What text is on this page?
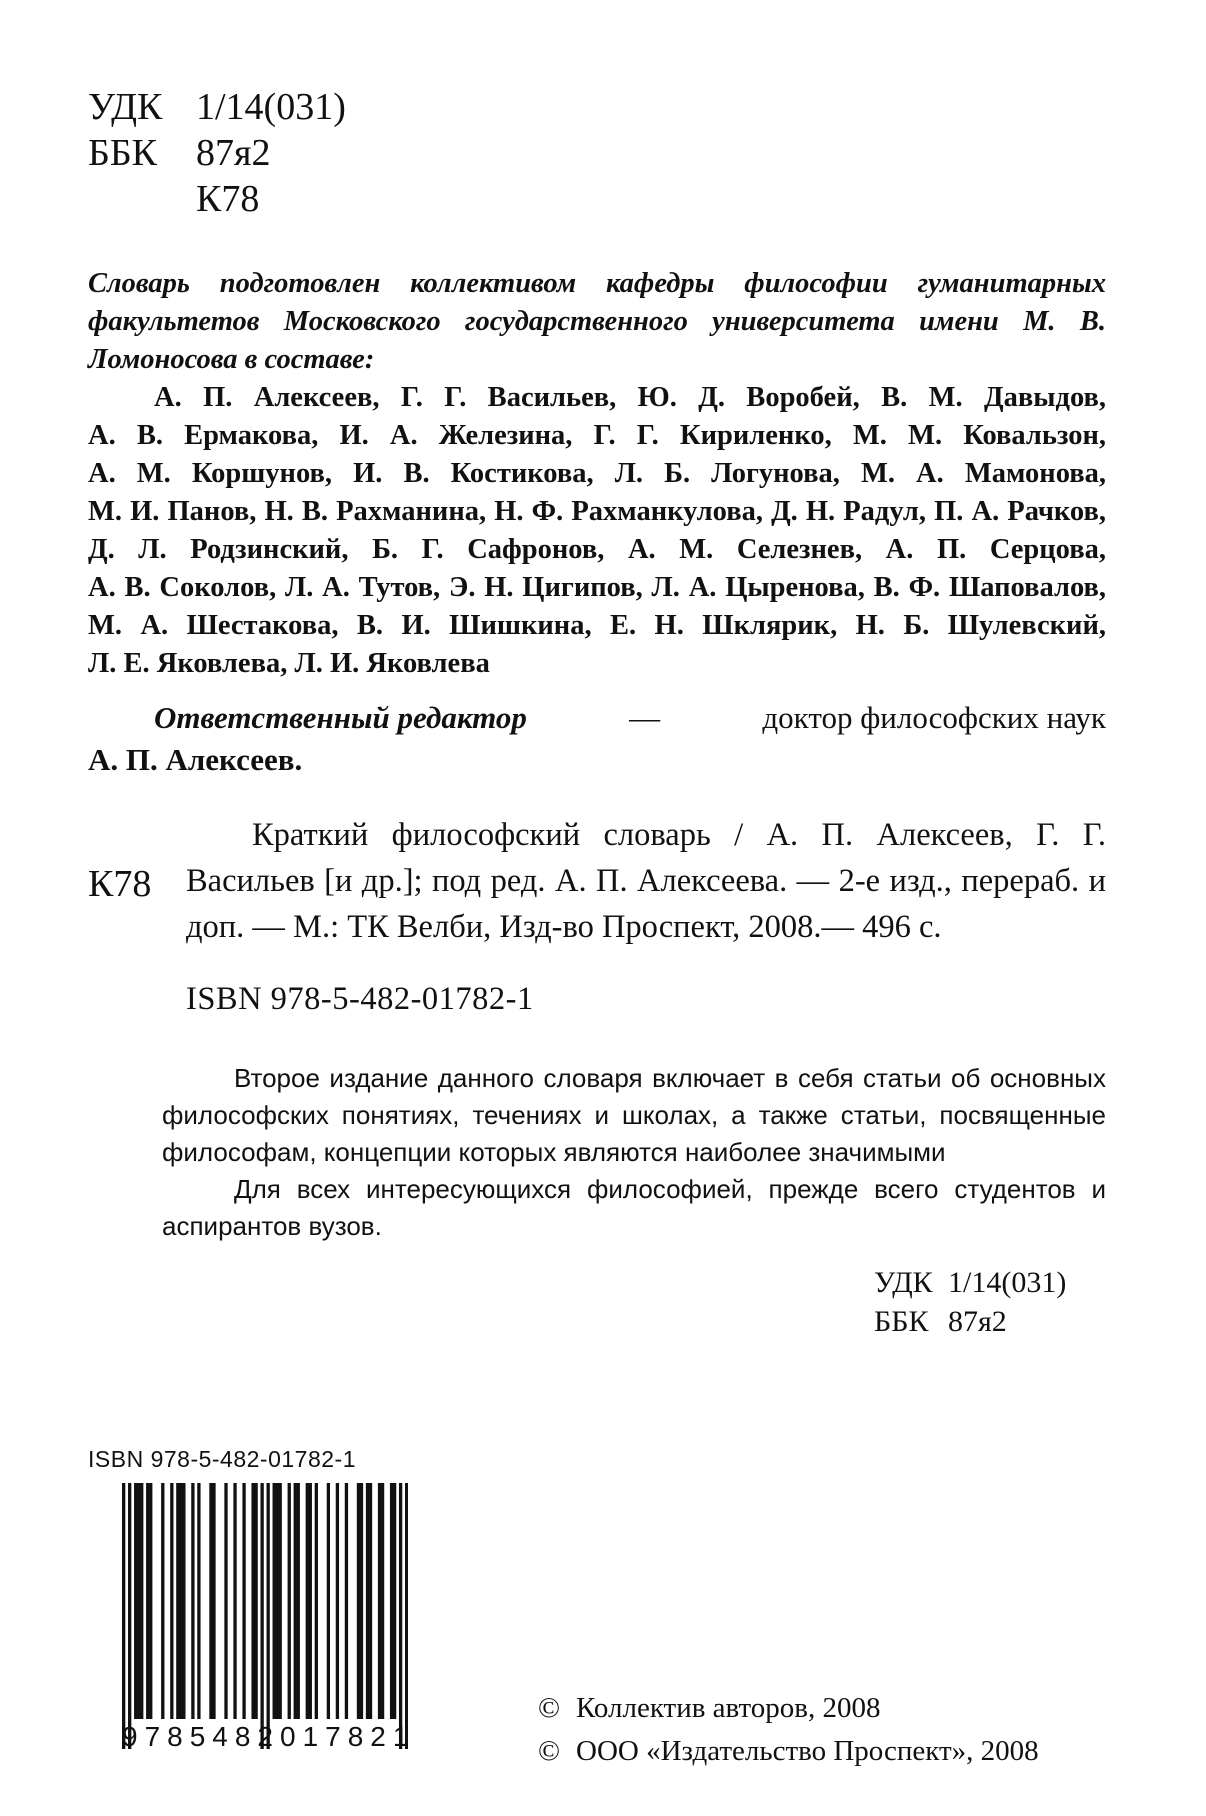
УДК 1/14(031)
ББК 87я2
К78

Словарь подготовлен коллективом кафедры философии гуманитарных факультетов Московского государственного университета имени М. В. Ломоносова в составе:

А. П. Алексеев, Г. Г. Васильев, Ю. Д. Воробей, В. М. Давыдов, А. В. Ермакова, И. А. Железина, Г. Г. Кириленко, М. М. Ковальзон, А. М. Коршунов, И. В. Костикова, Л. Б. Логунова, М. А. Мамонова, М. И. Панов, Н. В. Рахманина, Н. Ф. Рахманкулова, Д. Н. Радул, П. А. Рачков, Д. Л. Родзинский, Б. Г. Сафронов, А. М. Селезнев, А. П. Серцова, А. В. Соколов, Л. А. Тутов, Э. Н. Цигипов, Л. А. Цыренова, В. Ф. Шаповалов, М. А. Шестакова, В. И. Шишкина, Е. Н. Шклярик, Н. Б. Шулевский, Л. Е. Яковлева, Л. И. Яковлева

Ответственный редактор	—	доктор философских наук
А. П. Алексеев.
К78
Краткий философский словарь / А. П. Алексеев, Г. Г. Васильев [и др.]; под ред. А. П. Алексеева. — 2-е изд., перераб. и доп. — М.: ТК Велби, Изд-во Проспект, 2008.— 496 с.
ISBN 978-5-482-01782-1

Второе издание данного словаря включает в себя статьи об основных философских понятиях, течениях и школах, а также статьи, посвященные философам, концепции которых являются наиболее значимыми

Для всех интересующихся философией, прежде всего студентов и аспирантов вузов.

УДК 1/14(031)
ББК 87я2
ISBN 978-5-482-01782-1
9785482017821
© Коллектив авторов, 2008
© ООО «Издательство Проспект», 2008
